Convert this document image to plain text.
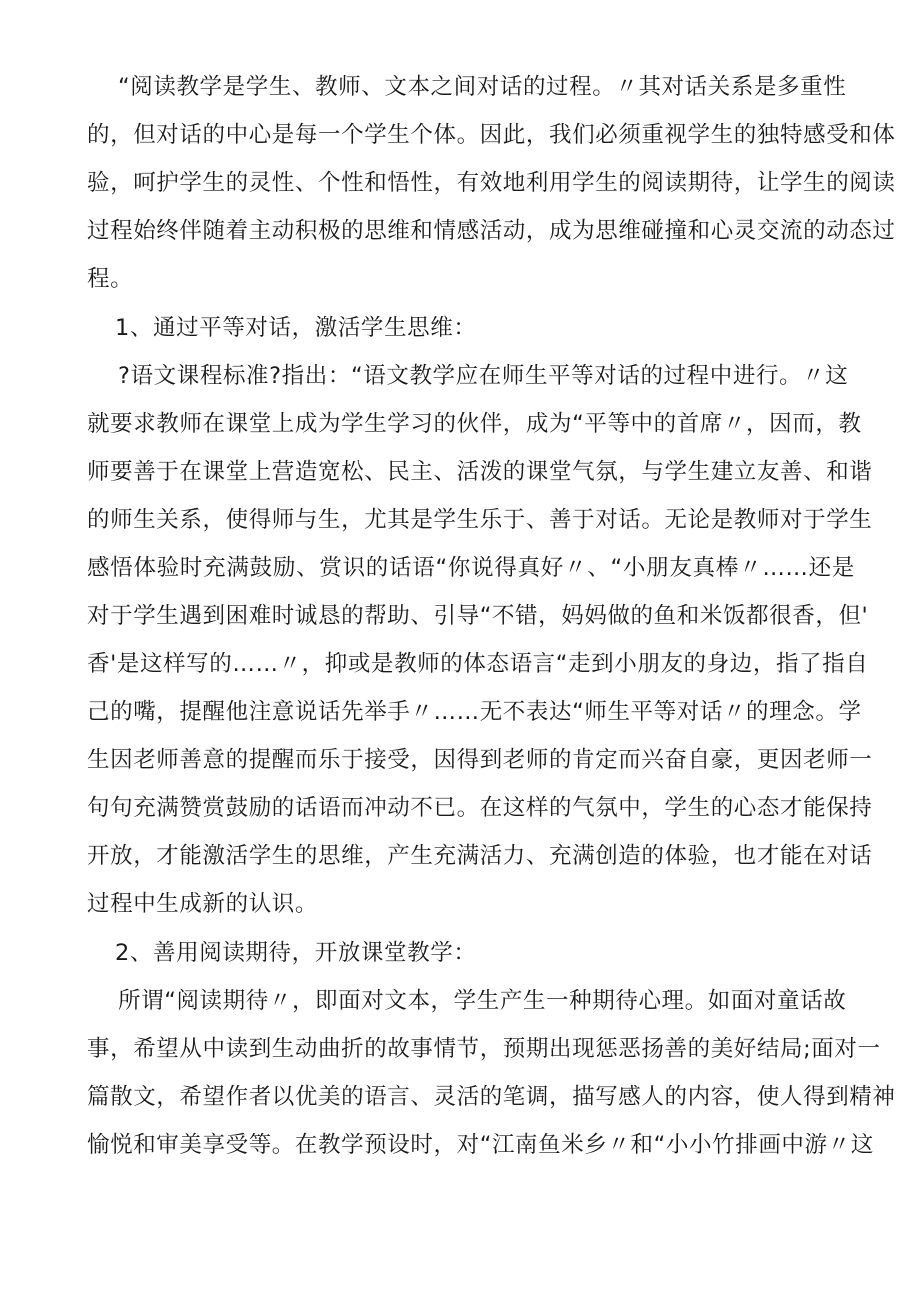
“阅读教学是学生、教师、文本之间对话的过程。〃其对话关系是多重性
的，但对话的中心是每一个学生个体。因此，我们必须重视学生的独特感受和体
验，呵护学生的灵性、个性和悟性，有效地利用学生的阅读期待，让学生的阅读
过程始终伴随着主动积极的思维和情感活动，成为思维碰撞和心灵交流的动态过
程。
1、通过平等对话，激活学生思维：
?语文课程标准?指出：“语文教学应在师生平等对话的过程中进行。〃这
就要求教师在课堂上成为学生学习的伙伴，成为“平等中的首席〃，因而，教
师要善于在课堂上营造宽松、民主、活泼的课堂气氛，与学生建立友善、和谐
的师生关系，使得师与生，尤其是学生乐于、善于对话。无论是教师对于学生
感悟体验时充满鼓励、赏识的话语“你说得真好〃、“小朋友真棒〃……还是
对于学生遇到困难时诚恳的帮助、引导“不错，妈妈做的鱼和米饭都很香，但'
香'是这样写的……〃，抑或是教师的体态语言“走到小朋友的身边，指了指自
己的嘴，提醒他注意说话先举手〃……无不表达“师生平等对话〃的理念。学
生因老师善意的提醒而乐于接受，因得到老师的肯定而兴奋自豪，更因老师一
句句充满赞赏鼓励的话语而冲动不已。在这样的气氛中，学生的心态才能保持
开放，才能激活学生的思维，产生充满活力、充满创造的体验，也才能在对话
过程中生成新的认识。
2、善用阅读期待，开放课堂教学：
所谓“阅读期待〃，即面对文本，学生产生一种期待心理。如面对童话故
事，希望从中读到生动曲折的故事情节，预期出现惩恶扬善的美好结局;面对一
篇散文，希望作者以优美的语言、灵活的笔调，描写感人的内容，使人得到精神
愉悦和审美享受等。在教学预设时，对“江南鱼米乡〃和“小小竹排画中游〃这
